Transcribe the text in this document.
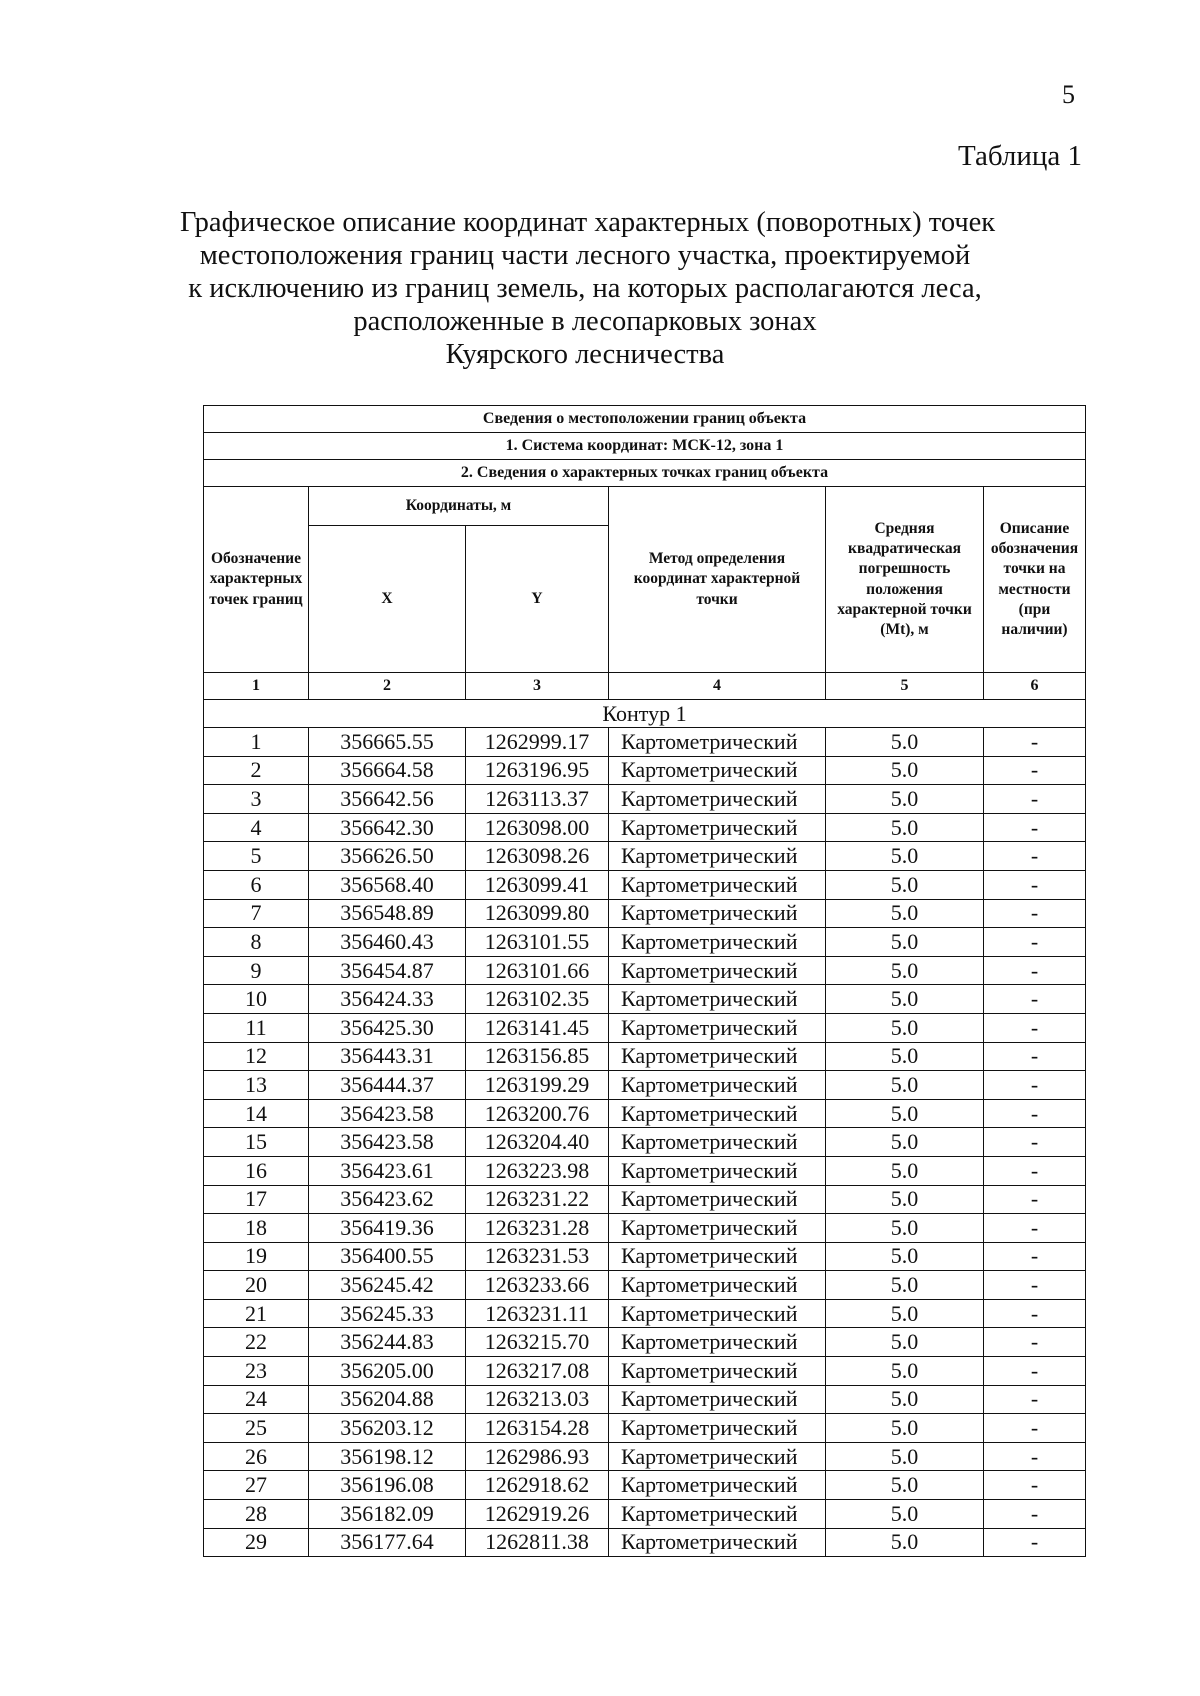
5
Таблица 1
Графическое описание координат характерных (поворотных) точек
местоположения границ части лесного участка, проектируемой
к исключению из границ земель, на которых располагаются леса,
расположенные в лесопарковых зонах
Куярского лесничества
Сведения о местоположении границ объекта					
1. Система координат: МСК-12, зона 1					
2. Сведения о характерных точках границ объекта					
Обозначение характерных точек границ	Координаты, м		Метод определения координат характерной точки	Средняя квадратическая погрешность положения характерной точки (Mt), м	Описание обозначения точки на местности (при наличии)
	X	Y			
1	2	3	4	5	6
Контур 1					
1	356665.55	1262999.17	Картометрический	5.0	-
2	356664.58	1263196.95	Картометрический	5.0	-
3	356642.56	1263113.37	Картометрический	5.0	-
4	356642.30	1263098.00	Картометрический	5.0	-
5	356626.50	1263098.26	Картометрический	5.0	-
6	356568.40	1263099.41	Картометрический	5.0	-
7	356548.89	1263099.80	Картометрический	5.0	-
8	356460.43	1263101.55	Картометрический	5.0	-
9	356454.87	1263101.66	Картометрический	5.0	-
10	356424.33	1263102.35	Картометрический	5.0	-
11	356425.30	1263141.45	Картометрический	5.0	-
12	356443.31	1263156.85	Картометрический	5.0	-
13	356444.37	1263199.29	Картометрический	5.0	-
14	356423.58	1263200.76	Картометрический	5.0	-
15	356423.58	1263204.40	Картометрический	5.0	-
16	356423.61	1263223.98	Картометрический	5.0	-
17	356423.62	1263231.22	Картометрический	5.0	-
18	356419.36	1263231.28	Картометрический	5.0	-
19	356400.55	1263231.53	Картометрический	5.0	-
20	356245.42	1263233.66	Картометрический	5.0	-
21	356245.33	1263231.11	Картометрический	5.0	-
22	356244.83	1263215.70	Картометрический	5.0	-
23	356205.00	1263217.08	Картометрический	5.0	-
24	356204.88	1263213.03	Картометрический	5.0	-
25	356203.12	1263154.28	Картометрический	5.0	-
26	356198.12	1262986.93	Картометрический	5.0	-
27	356196.08	1262918.62	Картометрический	5.0	-
28	356182.09	1262919.26	Картометрический	5.0	-
29	356177.64	1262811.38	Картометрический	5.0	-
